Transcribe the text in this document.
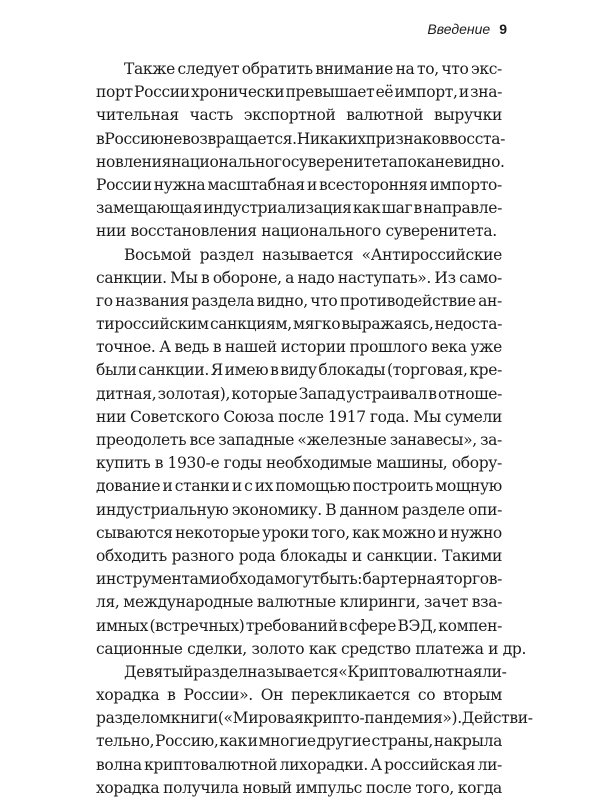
Введение 9
Также следует обратить внимание на то, что экс-
порт России хронически превышает её импорт, и зна-
чительная часть экспортной валютной выручки
в Россию не возвращается. Никаких признаков восста-
новления национального суверенитета пока не видно.
России нужна масштабная и всесторонняя импорто-
замещающая индустриализация как шаг в направле-
нии восстановления национального суверенитета.
Восьмой раздел называется «Антироссийские
санкции. Мы в обороне, а надо наступать». Из само-
го названия раздела видно, что противодействие ан-
тироссийским санкциям, мягко выражаясь, недоста-
точное. А ведь в нашей истории прошлого века уже
были санкции. Я имею в виду блокады (торговая, кре-
дитная, золотая), которые Запад устраивал в отноше-
нии Советского Союза после 1917 года. Мы сумели
преодолеть все западные «железные занавесы», за-
купить в 1930-е годы необходимые машины, обору-
дование и станки и с их помощью построить мощную
индустриальную экономику. В данном разделе опи-
сываются некоторые уроки того, как можно и нужно
обходить разного рода блокады и санкции. Такими
инструментами обхода могут быть: бартерная торгов-
ля, международные валютные клиринги, зачет вза-
имных (встречных) требований в сфере ВЭД, компен-
сационные сделки, золото как средство платежа и др.
Девятый раздел называется «Криптовалютная ли-
хорадка в России». Он перекликается со вторым
разделом книги («Мировая крипто-пандемия»). Действи-
тельно, Россию, как и многие другие страны, накрыла
волна криптовалютной лихорадки. А российская ли-
хорадка получила новый импульс после того, когда
